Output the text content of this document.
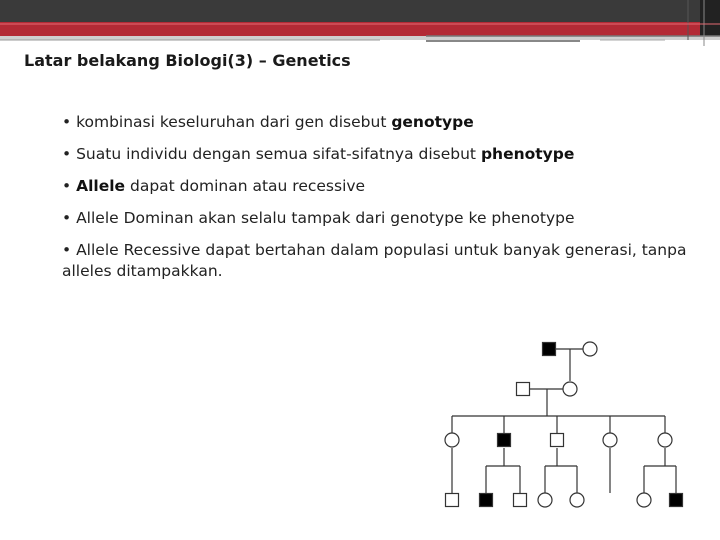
Latar belakang Biologi(3) – Genetics

• kombinasi keseluruhan dari gen disebut genotype

• Suatu individu dengan semua sifat-sifatnya disebut phenotype

• Allele dapat dominan atau recessive

• Allele Dominan akan selalu tampak dari genotype ke phenotype

• Allele Recessive dapat bertahan dalam populasi untuk banyak generasi, tanpa alleles ditampakkan.
